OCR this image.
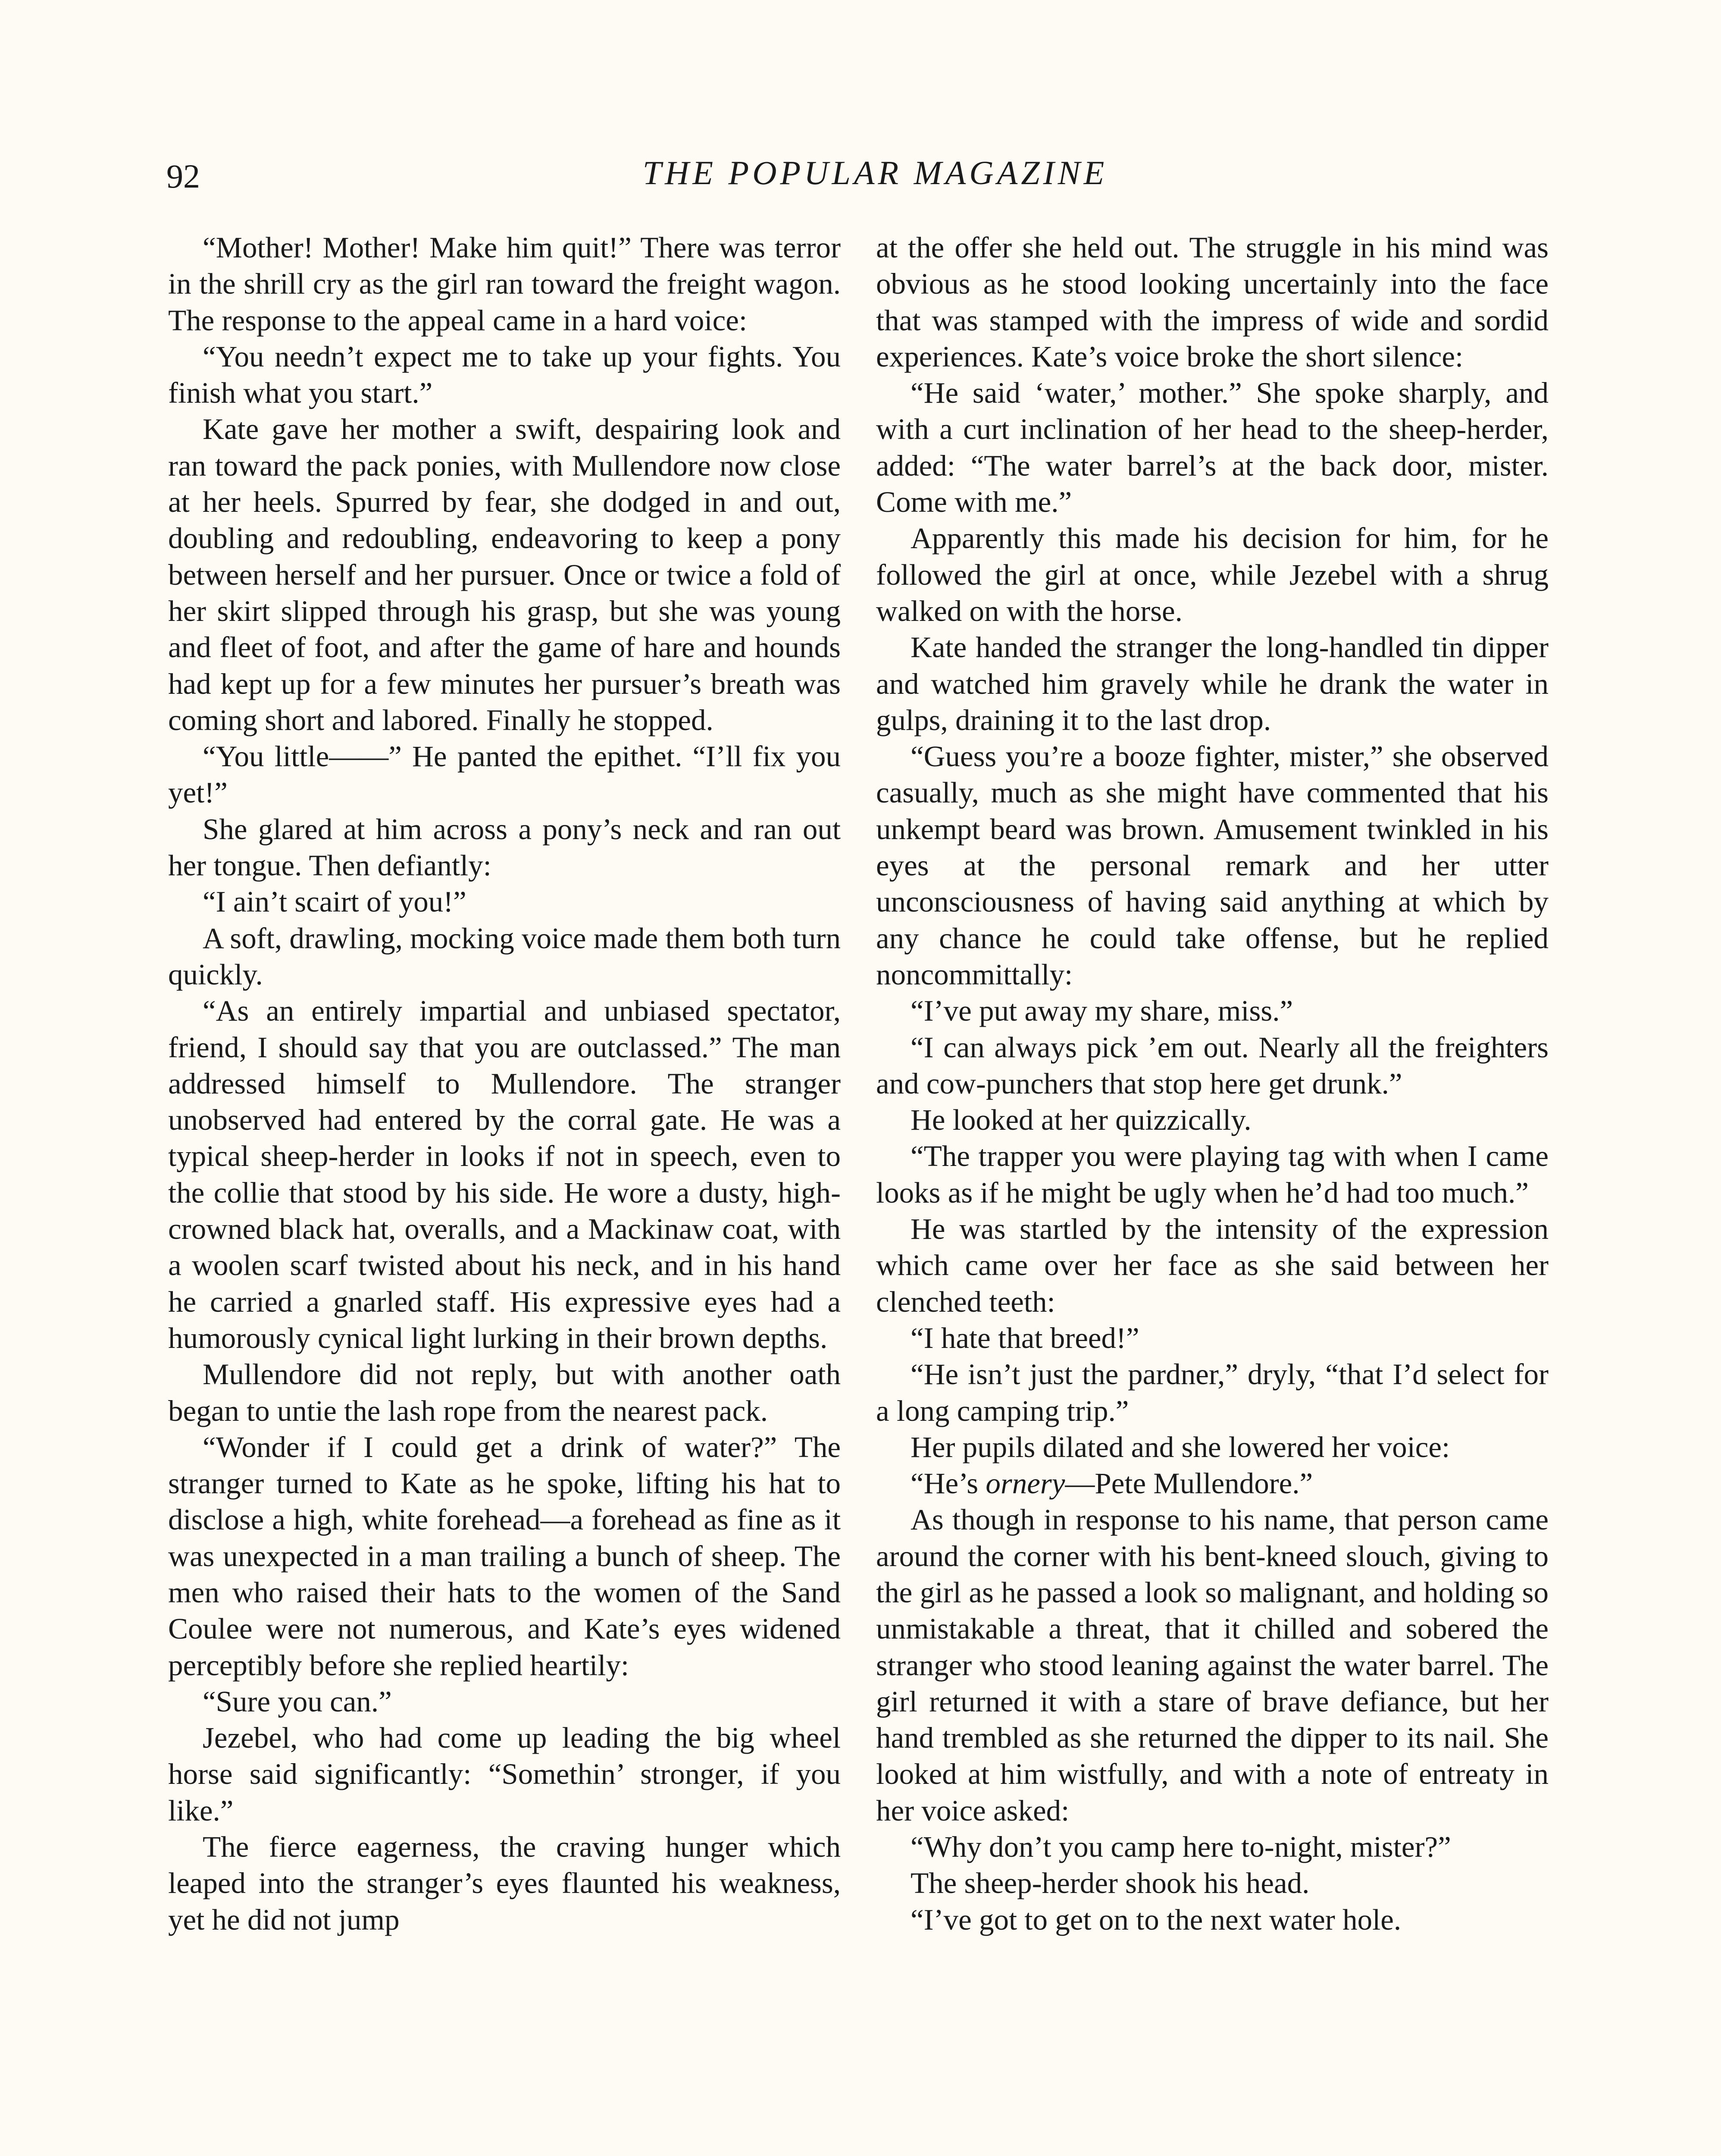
92	THE POPULAR MAGAZINE

“Mother! Mother! Make him quit!” There was terror in the shrill cry as the girl ran toward the freight wagon. The response to the appeal came in a hard voice:

“You needn’t expect me to take up your fights. You finish what you start.”

Kate gave her mother a swift, despairing look and ran toward the pack ponies, with Mullendore now close at her heels. Spurred by fear, she dodged in and out, doubling and redoubling, endeavoring to keep a pony between herself and her pursuer. Once or twice a fold of her skirt slipped through his grasp, but she was young and fleet of foot, and after the game of hare and hounds had kept up for a few minutes her pursuer’s breath was coming short and labored. Finally he stopped.

“You little——” He panted the epithet. “I’ll fix you yet!”

She glared at him across a pony’s neck and ran out her tongue. Then defiantly:

“I ain’t scairt of you!”

A soft, drawling, mocking voice made them both turn quickly.

“As an entirely impartial and unbiased spectator, friend, I should say that you are outclassed.” The man addressed himself to Mullendore. The stranger unobserved had entered by the corral gate. He was a typical sheep-herder in looks if not in speech, even to the collie that stood by his side. He wore a dusty, high-crowned black hat, overalls, and a Mackinaw coat, with a woolen scarf twisted about his neck, and in his hand he carried a gnarled staff. His expressive eyes had a humorously cynical light lurking in their brown depths.

Mullendore did not reply, but with another oath began to untie the lash rope from the nearest pack.

“Wonder if I could get a drink of water?” The stranger turned to Kate as he spoke, lifting his hat to disclose a high, white forehead—a forehead as fine as it was unexpected in a man trailing a bunch of sheep. The men who raised their hats to the women of the Sand Coulee were not numerous, and Kate’s eyes widened perceptibly before she replied heartily:

“Sure you can.”

Jezebel, who had come up leading the big wheel horse said significantly: “Somethin’ stronger, if you like.”

The fierce eagerness, the craving hunger which leaped into the stranger’s eyes flaunted his weakness, yet he did not jump

at the offer she held out. The struggle in his mind was obvious as he stood looking uncertainly into the face that was stamped with the impress of wide and sordid experiences. Kate’s voice broke the short silence:

“He said ‘water,’ mother.” She spoke sharply, and with a curt inclination of her head to the sheep-herder, added: “The water barrel’s at the back door, mister. Come with me.”

Apparently this made his decision for him, for he followed the girl at once, while Jezebel with a shrug walked on with the horse.

Kate handed the stranger the long-handled tin dipper and watched him gravely while he drank the water in gulps, draining it to the last drop.

“Guess you’re a booze fighter, mister,” she observed casually, much as she might have commented that his unkempt beard was brown. Amusement twinkled in his eyes at the personal remark and her utter unconsciousness of having said anything at which by any chance he could take offense, but he replied noncommittally:

“I’ve put away my share, miss.”

“I can always pick ’em out. Nearly all the freighters and cow-punchers that stop here get drunk.”

He looked at her quizzically.

“The trapper you were playing tag with when I came looks as if he might be ugly when he’d had too much.”

He was startled by the intensity of the expression which came over her face as she said between her clenched teeth:

“I hate that breed!”

“He isn’t just the pardner,” dryly, “that I’d select for a long camping trip.”

Her pupils dilated and she lowered her voice:

“He’s ornery—Pete Mullendore.”

As though in response to his name, that person came around the corner with his bent-kneed slouch, giving to the girl as he passed a look so malignant, and holding so unmistakable a threat, that it chilled and sobered the stranger who stood leaning against the water barrel. The girl returned it with a stare of brave defiance, but her hand trembled as she returned the dipper to its nail. She looked at him wistfully, and with a note of entreaty in her voice asked:

“Why don’t you camp here to-night, mister?”

The sheep-herder shook his head.

“I’ve got to get on to the next water hole.
